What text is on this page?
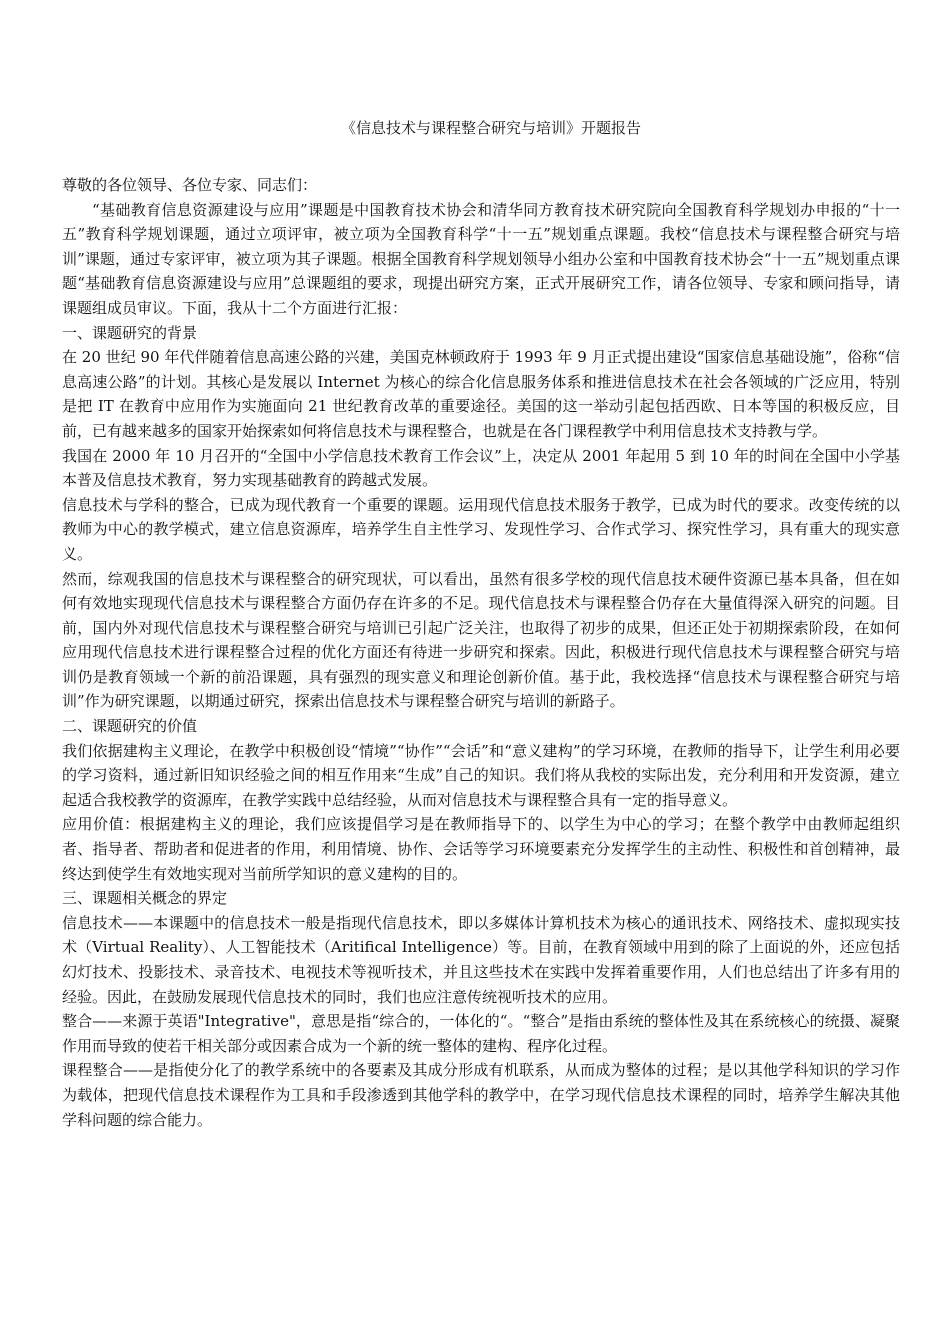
《信息技术与课程整合研究与培训》开题报告

尊敬的各位领导、各位专家、同志们：

“基础教育信息资源建设与应用”课题是中国教育技术协会和清华同方教育技术研究院向全国教育科学规划办申报的“十一五”教育科学规划课题，通过立项评审，被立项为全国教育科学“十一五”规划重点课题。我校“信息技术与课程整合研究与培训”课题，通过专家评审，被立项为其子课题。根据全国教育科学规划领导小组办公室和中国教育技术协会“十一五”规划重点课题“基础教育信息资源建设与应用”总课题组的要求，现提出研究方案，正式开展研究工作，请各位领导、专家和顾问指导，请课题组成员审议。下面，我从十二个方面进行汇报：

一、课题研究的背景

在 20 世纪 90 年代伴随着信息高速公路的兴建，美国克林顿政府于 1993 年 9 月正式提出建设“国家信息基础设施”，俗称“信息高速公路”的计划。其核心是发展以 Internet 为核心的综合化信息服务体系和推进信息技术在社会各领域的广泛应用，特别是把 IT 在教育中应用作为实施面向 21 世纪教育改革的重要途径。美国的这一举动引起包括西欧、日本等国的积极反应，目前，已有越来越多的国家开始探索如何将信息技术与课程整合，也就是在各门课程教学中利用信息技术支持教与学。

我国在 2000 年 10 月召开的“全国中小学信息技术教育工作会议”上，决定从 2001 年起用 5 到 10 年的时间在全国中小学基本普及信息技术教育，努力实现基础教育的跨越式发展。

信息技术与学科的整合，已成为现代教育一个重要的课题。运用现代信息技术服务于教学，已成为时代的要求。改变传统的以教师为中心的教学模式，建立信息资源库，培养学生自主性学习、发现性学习、合作式学习、探究性学习，具有重大的现实意义。

然而，综观我国的信息技术与课程整合的研究现状，可以看出，虽然有很多学校的现代信息技术硬件资源已基本具备，但在如何有效地实现现代信息技术与课程整合方面仍存在许多的不足。现代信息技术与课程整合仍存在大量值得深入研究的问题。目前，国内外对现代信息技术与课程整合研究与培训已引起广泛关注，也取得了初步的成果，但还正处于初期探索阶段，在如何应用现代信息技术进行课程整合过程的优化方面还有待进一步研究和探索。因此，积极进行现代信息技术与课程整合研究与培训仍是教育领域一个新的前沿课题，具有强烈的现实意义和理论创新价值。基于此，我校选择“信息技术与课程整合研究与培训”作为研究课题，以期通过研究，探索出信息技术与课程整合研究与培训的新路子。

二、课题研究的价值

我们依据建构主义理论，在教学中积极创设“情境”“协作”“会话”和“意义建构”的学习环境，在教师的指导下，让学生利用必要的学习资料，通过新旧知识经验之间的相互作用来“生成”自己的知识。我们将从我校的实际出发，充分利用和开发资源，建立起适合我校教学的资源库，在教学实践中总结经验，从而对信息技术与课程整合具有一定的指导意义。

应用价值：根据建构主义的理论，我们应该提倡学习是在教师指导下的、以学生为中心的学习；在整个教学中由教师起组织者、指导者、帮助者和促进者的作用，利用情境、协作、会话等学习环境要素充分发挥学生的主动性、积极性和首创精神，最终达到使学生有效地实现对当前所学知识的意义建构的目的。

三、课题相关概念的界定

信息技术——本课题中的信息技术一般是指现代信息技术，即以多媒体计算机技术为核心的通讯技术、网络技术、虚拟现实技术（Virtual Reality）、人工智能技术（Aritifical Intelligence）等。目前，在教育领域中用到的除了上面说的外，还应包括幻灯技术、投影技术、录音技术、电视技术等视听技术，并且这些技术在实践中发挥着重要作用，人们也总结出了许多有用的经验。因此，在鼓励发展现代信息技术的同时，我们也应注意传统视听技术的应用。

整合——来源于英语"Integrative"，意思是指“综合的，一体化的“。“整合”是指由系统的整体性及其在系统核心的统摄、凝聚作用而导致的使若干相关部分或因素合成为一个新的统一整体的建构、程序化过程。

课程整合——是指使分化了的教学系统中的各要素及其成分形成有机联系，从而成为整体的过程；是以其他学科知识的学习作为载体，把现代信息技术课程作为工具和手段渗透到其他学科的教学中，在学习现代信息技术课程的同时，培养学生解决其他学科问题的综合能力。
